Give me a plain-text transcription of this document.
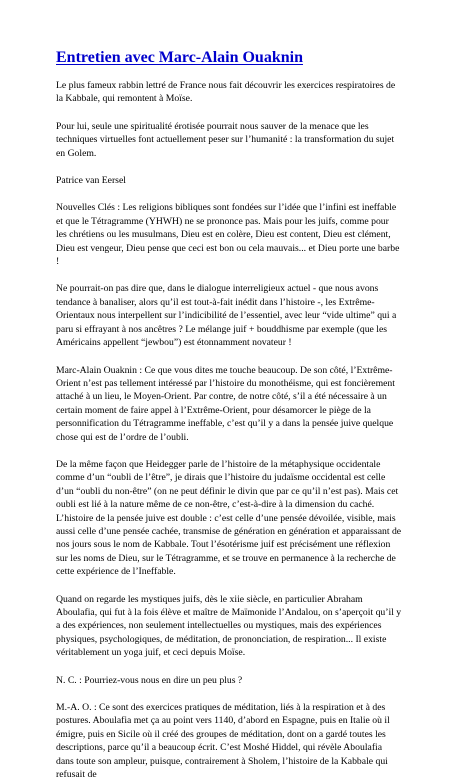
Entretien avec Marc-Alain Ouaknin

Le plus fameux rabbin lettré de France nous fait découvrir les exercices respiratoires de la Kabbale, qui remontent à Moïse.

Pour lui, seule une spiritualité érotisée pourrait nous sauver de la menace que les techniques virtuelles font actuellement peser sur l’humanité : la transformation du sujet en Golem.

Patrice van Eersel

Nouvelles Clés : Les religions bibliques sont fondées sur l’idée que l’infini est ineffable et que le Tétragramme (YHWH) ne se prononce pas. Mais pour les juifs, comme pour les chrétiens ou les musulmans, Dieu est en colère, Dieu est content, Dieu est clément, Dieu est vengeur, Dieu pense que ceci est bon ou cela mauvais... et Dieu porte une barbe !

Ne pourrait-on pas dire que, dans le dialogue interreligieux actuel - que nous avons tendance à banaliser, alors qu’il est tout-à-fait inédit dans l’histoire -, les Extrême-Orientaux nous interpellent sur l’indicibilité de l’essentiel, avec leur “vide ultime” qui a paru si effrayant à nos ancêtres ? Le mélange juif + bouddhisme par exemple (que les Américains appellent “jewbou”) est étonnamment novateur !

Marc-Alain Ouaknin : Ce que vous dites me touche beaucoup. De son côté, l’Extrême-Orient n’est pas tellement intéressé par l’histoire du monothéisme, qui est foncièrement attaché à un lieu, le Moyen-Orient. Par contre, de notre côté, s’il a été nécessaire à un certain moment de faire appel à l’Extrême-Orient, pour désamorcer le piège de la personnification du Tétragramme ineffable, c’est qu’il y a dans la pensée juive quelque chose qui est de l’ordre de l’oubli.

De la même façon que Heidegger parle de l’histoire de la métaphysique occidentale comme d’un “oubli de l’être”, je dirais que l’histoire du judaïsme occidental est celle d’un “oubli du non-être” (on ne peut définir le divin que par ce qu’il n’est pas). Mais cet oubli est lié à la nature même de ce non-être, c’est-à-dire à la dimension du caché. L’histoire de la pensée juive est double : c’est celle d’une pensée dévoilée, visible, mais aussi celle d’une pensée cachée, transmise de génération en génération et apparaissant de nos jours sous le nom de Kabbale. Tout l’ésotérisme juif est précisément une réflexion sur les noms de Dieu, sur le Tétragramme, et se trouve en permanence à la recherche de cette expérience de l’Ineffable.

Quand on regarde les mystiques juifs, dès le xiie siècle, en particulier Abraham Aboulafia, qui fut à la fois élève et maître de Maïmonide l’Andalou, on s’aperçoit qu’il y a des expériences, non seulement intellectuelles ou mystiques, mais des expériences physiques, psychologiques, de méditation, de prononciation, de respiration... Il existe véritablement un yoga juif, et ceci depuis Moïse.

N. C. : Pourriez-vous nous en dire un peu plus ?

M.-A. O. : Ce sont des exercices pratiques de méditation, liés à la respiration et à des postures. Aboulafia met ça au point vers 1140, d’abord en Espagne, puis en Italie où il émigre, puis en Sicile où il créé des groupes de méditation, dont on a gardé toutes les descriptions, parce qu’il a beaucoup écrit. C’est Moshé Hiddel, qui révèle Aboulafia dans toute son ampleur, puisque, contrairement à Sholem, l’histoire de la Kabbale qui refusait de
